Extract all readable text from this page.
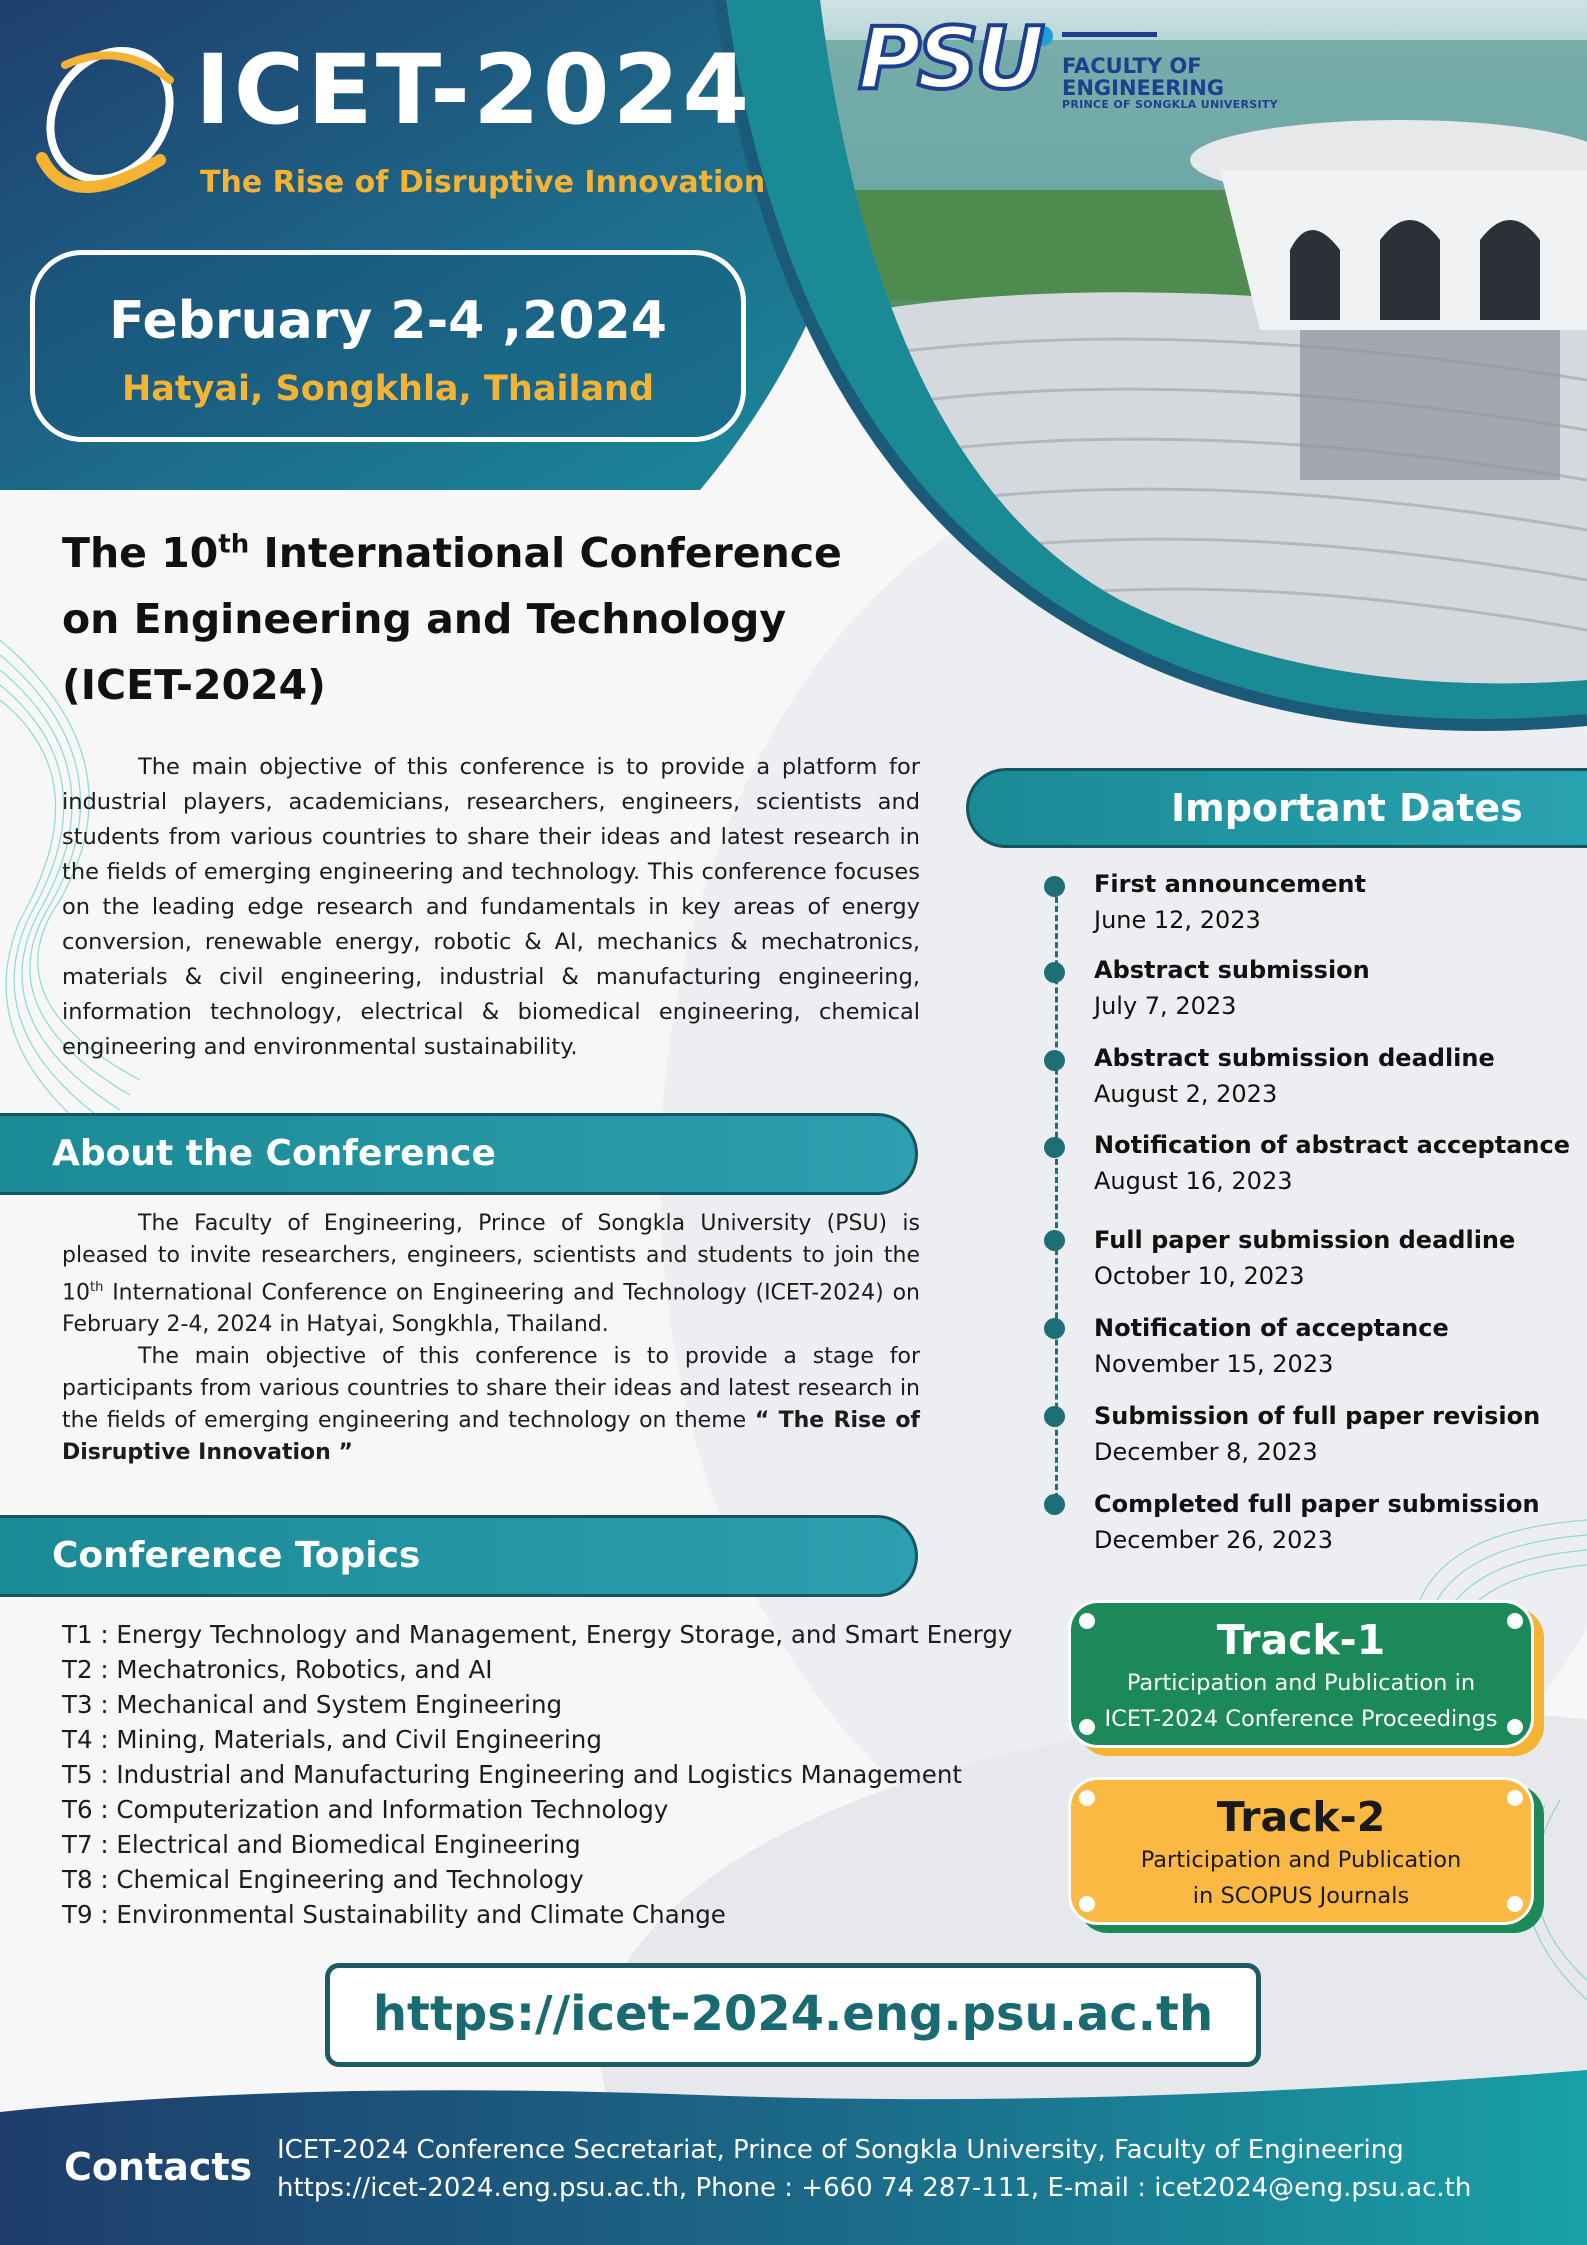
ICET-2024
The Rise of Disruptive Innovation
February 2-4 ,2024
Hatyai, Songkhla, Thailand
PSU FACULTY OF
ENGINEERING
PRINCE OF SONGKLA UNIVERSITY
The 10th International Conference
on Engineering and Technology
(ICET-2024)

The main objective of this conference is to provide a platform for industrial players, academicians, researchers, engineers, scientists and students from various countries to share their ideas and latest research in the fields of emerging engineering and technology. This conference focuses on the leading edge research and fundamentals in key areas of energy conversion, renewable energy, robotic & AI, mechanics & mechatronics, materials & civil engineering, industrial & manufacturing engineering, information technology, electrical & biomedical engineering, chemical engineering and environmental sustainability.

About the Conference

The Faculty of Engineering, Prince of Songkla University (PSU) is pleased to invite researchers, engineers, scientists and students to join the 10th International Conference on Engineering and Technology (ICET-2024) on February 2-4, 2024 in Hatyai, Songkhla, Thailand.

The main objective of this conference is to provide a stage for participants from various countries to share their ideas and latest research in the fields of emerging engineering and technology on theme “ The Rise of Disruptive Innovation ”

Conference Topics
T1 : Energy Technology and Management, Energy Storage, and Smart Energy
T2 : Mechatronics, Robotics, and AI
T3 : Mechanical and System Engineering
T4 : Mining, Materials, and Civil Engineering
T5 : Industrial and Manufacturing Engineering and Logistics Management
T6 : Computerization and Information Technology
T7 : Electrical and Biomedical Engineering
T8 : Chemical Engineering and Technology
T9 : Environmental Sustainability and Climate Change
Important Dates
First announcement
June 12, 2023
Abstract submission
July 7, 2023
Abstract submission deadline
August 2, 2023
Notification of abstract acceptance
August 16, 2023
Full paper submission deadline
October 10, 2023
Notification of acceptance
November 15, 2023
Submission of full paper revision
December 8, 2023
Completed full paper submission
December 26, 2023
Track-1
Participation and Publication in
ICET-2024 Conference Proceedings
Track-2
Participation and Publication
in SCOPUS Journals
https://icet-2024.eng.psu.ac.th
Contacts ICET-2024 Conference Secretariat, Prince of Songkla University, Faculty of Engineering
https://icet-2024.eng.psu.ac.th, Phone : +660 74 287-111, E-mail : icet2024@eng.psu.ac.th
